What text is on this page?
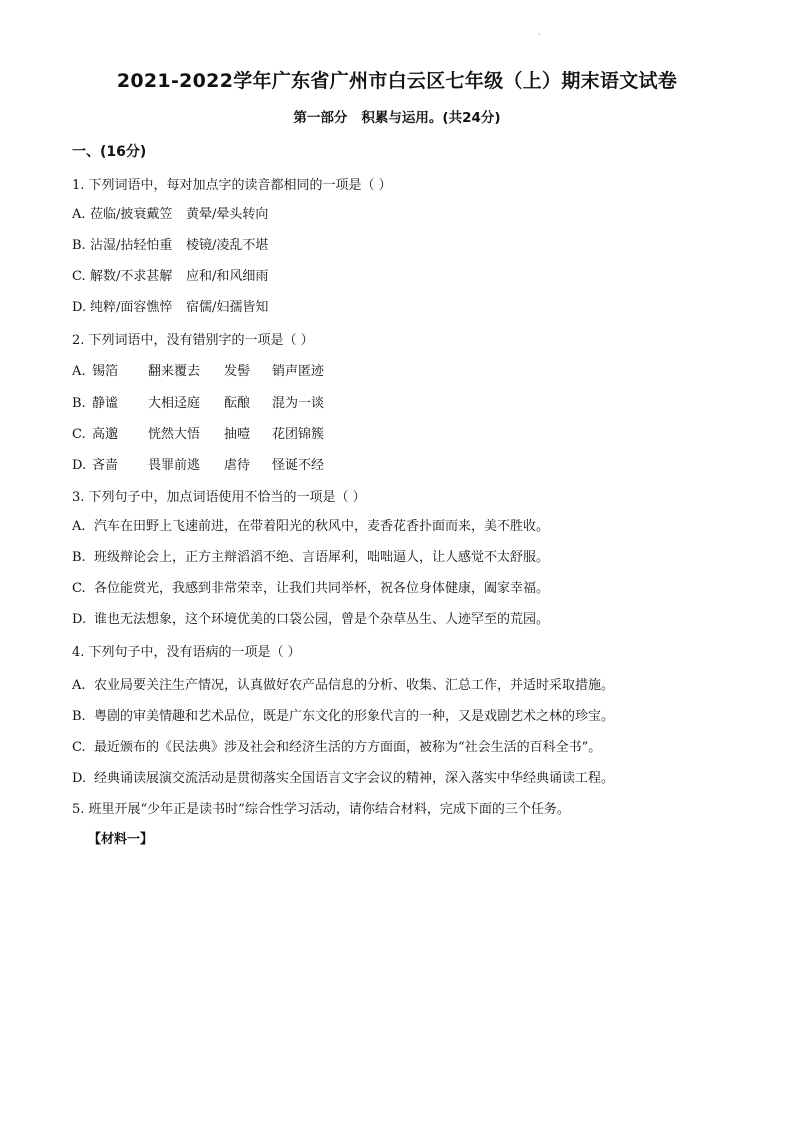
·
2021-2022学年广东省广州市白云区七年级（上）期末语文试卷
第一部分 积累与运用。(共24分)
一、(16分)
1. 下列词语中，每对加点字的读音都相同的一项是（ ）
A. 莅临/披衰戴笠 黄晕/晕头转向
B. 沾湿/拈轻怕重 棱镜/凌乱不堪
C. 解数/不求甚解 应和/和风细雨
D. 纯粹/面容憔悴 宿儒/妇孺皆知
2. 下列词语中，没有错别字的一项是（ ）
A. 锡箔 翻来覆去 发髻 销声匿迹
B. 静谧 大相迳庭 酝酿 混为一谈
C. 高邈 恍然大悟 抽噎 花团锦簇
D. 吝啬 畏罪前逃 虐待 怪诞不经
3. 下列句子中，加点词语使用不恰当的一项是（ ）
A. 汽车在田野上飞速前进，在带着阳光的秋风中，麦香花香扑面而来，美不胜收。
B. 班级辩论会上，正方主辩滔滔不绝、言语犀利，咄咄逼人，让人感觉不太舒服。
C. 各位能赏光，我感到非常荣幸，让我们共同举杯，祝各位身体健康，阖家幸福。
D. 谁也无法想象，这个环境优美的口袋公园，曾是个杂草丛生、人迹罕至的荒园。
4. 下列句子中，没有语病的一项是（ ）
A. 农业局要关注生产情况，认真做好农产品信息的分析、收集、汇总工作，并适时采取措施。
B. 粤剧的审美情趣和艺术品位，既是广东文化的形象代言的一种，又是戏剧艺术之林的珍宝。
C. 最近颁布的《民法典》涉及社会和经济生活的方方面面，被称为“社会生活的百科全书”。
D. 经典诵读展演交流活动是贯彻落实全国语言文字会议的精神，深入落实中华经典诵读工程。
5. 班里开展“少年正是读书时”综合性学习活动，请你结合材料，完成下面的三个任务。
【材料一】
